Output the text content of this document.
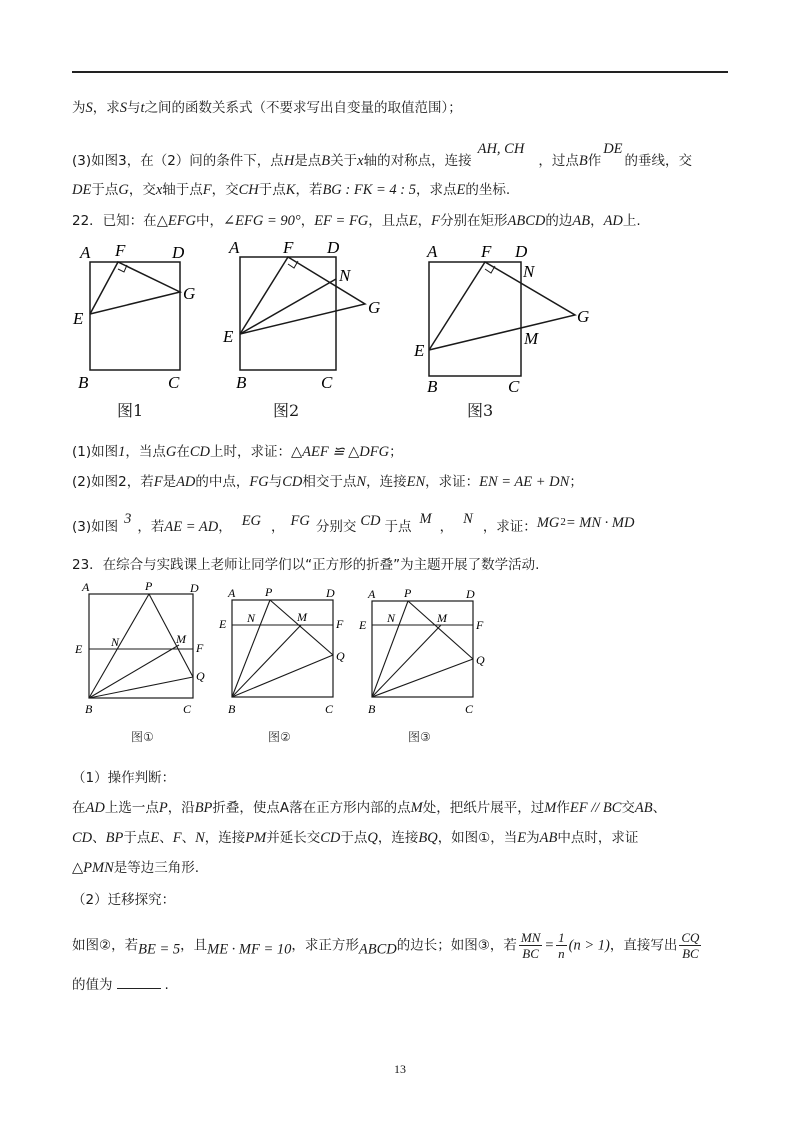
为S，求S与t之间的函数关系式（不要求写出自变量的取值范围）；
(3)如图3，在（2）问的条件下，点H是点B关于x轴的对称点，连接AH, CH，过点B作DE的垂线，交
DE于点G，交x轴于点F，交CH于点K，若BG : FK = 4 : 5，求点E的坐标.
22．已知：在△EFG中，∠EFG = 90°，EF = FG，且点E，F分别在矩形ABCD的边AB，AD上.
A F	D
G
E
B	C
图1
A	F D
N
G
E
B	C
图2
A	F D
N
G
M
E
B	C
图3
(1)如图1，当点G在CD上时，求证：△AEF ≌ △DFG；
(2)如图2，若F是AD的中点，FG与CD相交于点N，连接EN，求证：EN = AE + DN；
(3)如图 3 ，若AE = AD， EG ， FG 分别交 CD 于点 M ， N ，求证：$MG^2=$ MN · MD
23．在综合与实践课上老师让同学们以“正方形的折叠”为主题开展了数学活动.
A	P	D
N	M
E	F
Q
B	C
图①
A P	D
N	M
E	F
Q
B	C
图②
A P	D
N	M
E	F
Q
B	C
图③
（1）操作判断：
在AD上选一点P，沿BP折叠，使点A落在正方形内部的点M处，把纸片展平，过M作EF // BC交AB、
CD、BP于点E、F、N，连接PM并延长交CD于点Q，连接BQ，如图①，当E为AB中点时，求证
△PMN是等边三角形.
（2）迁移探究：
如图②，若BE = 5，且ME · MF = 10，求正方形ABCD的边长；如图③，若 $\frac{MN}{BC} = \frac{1}{n} (n > 1)$，直接写出 $\frac{CQ}{BC}$
的值为	.
13
